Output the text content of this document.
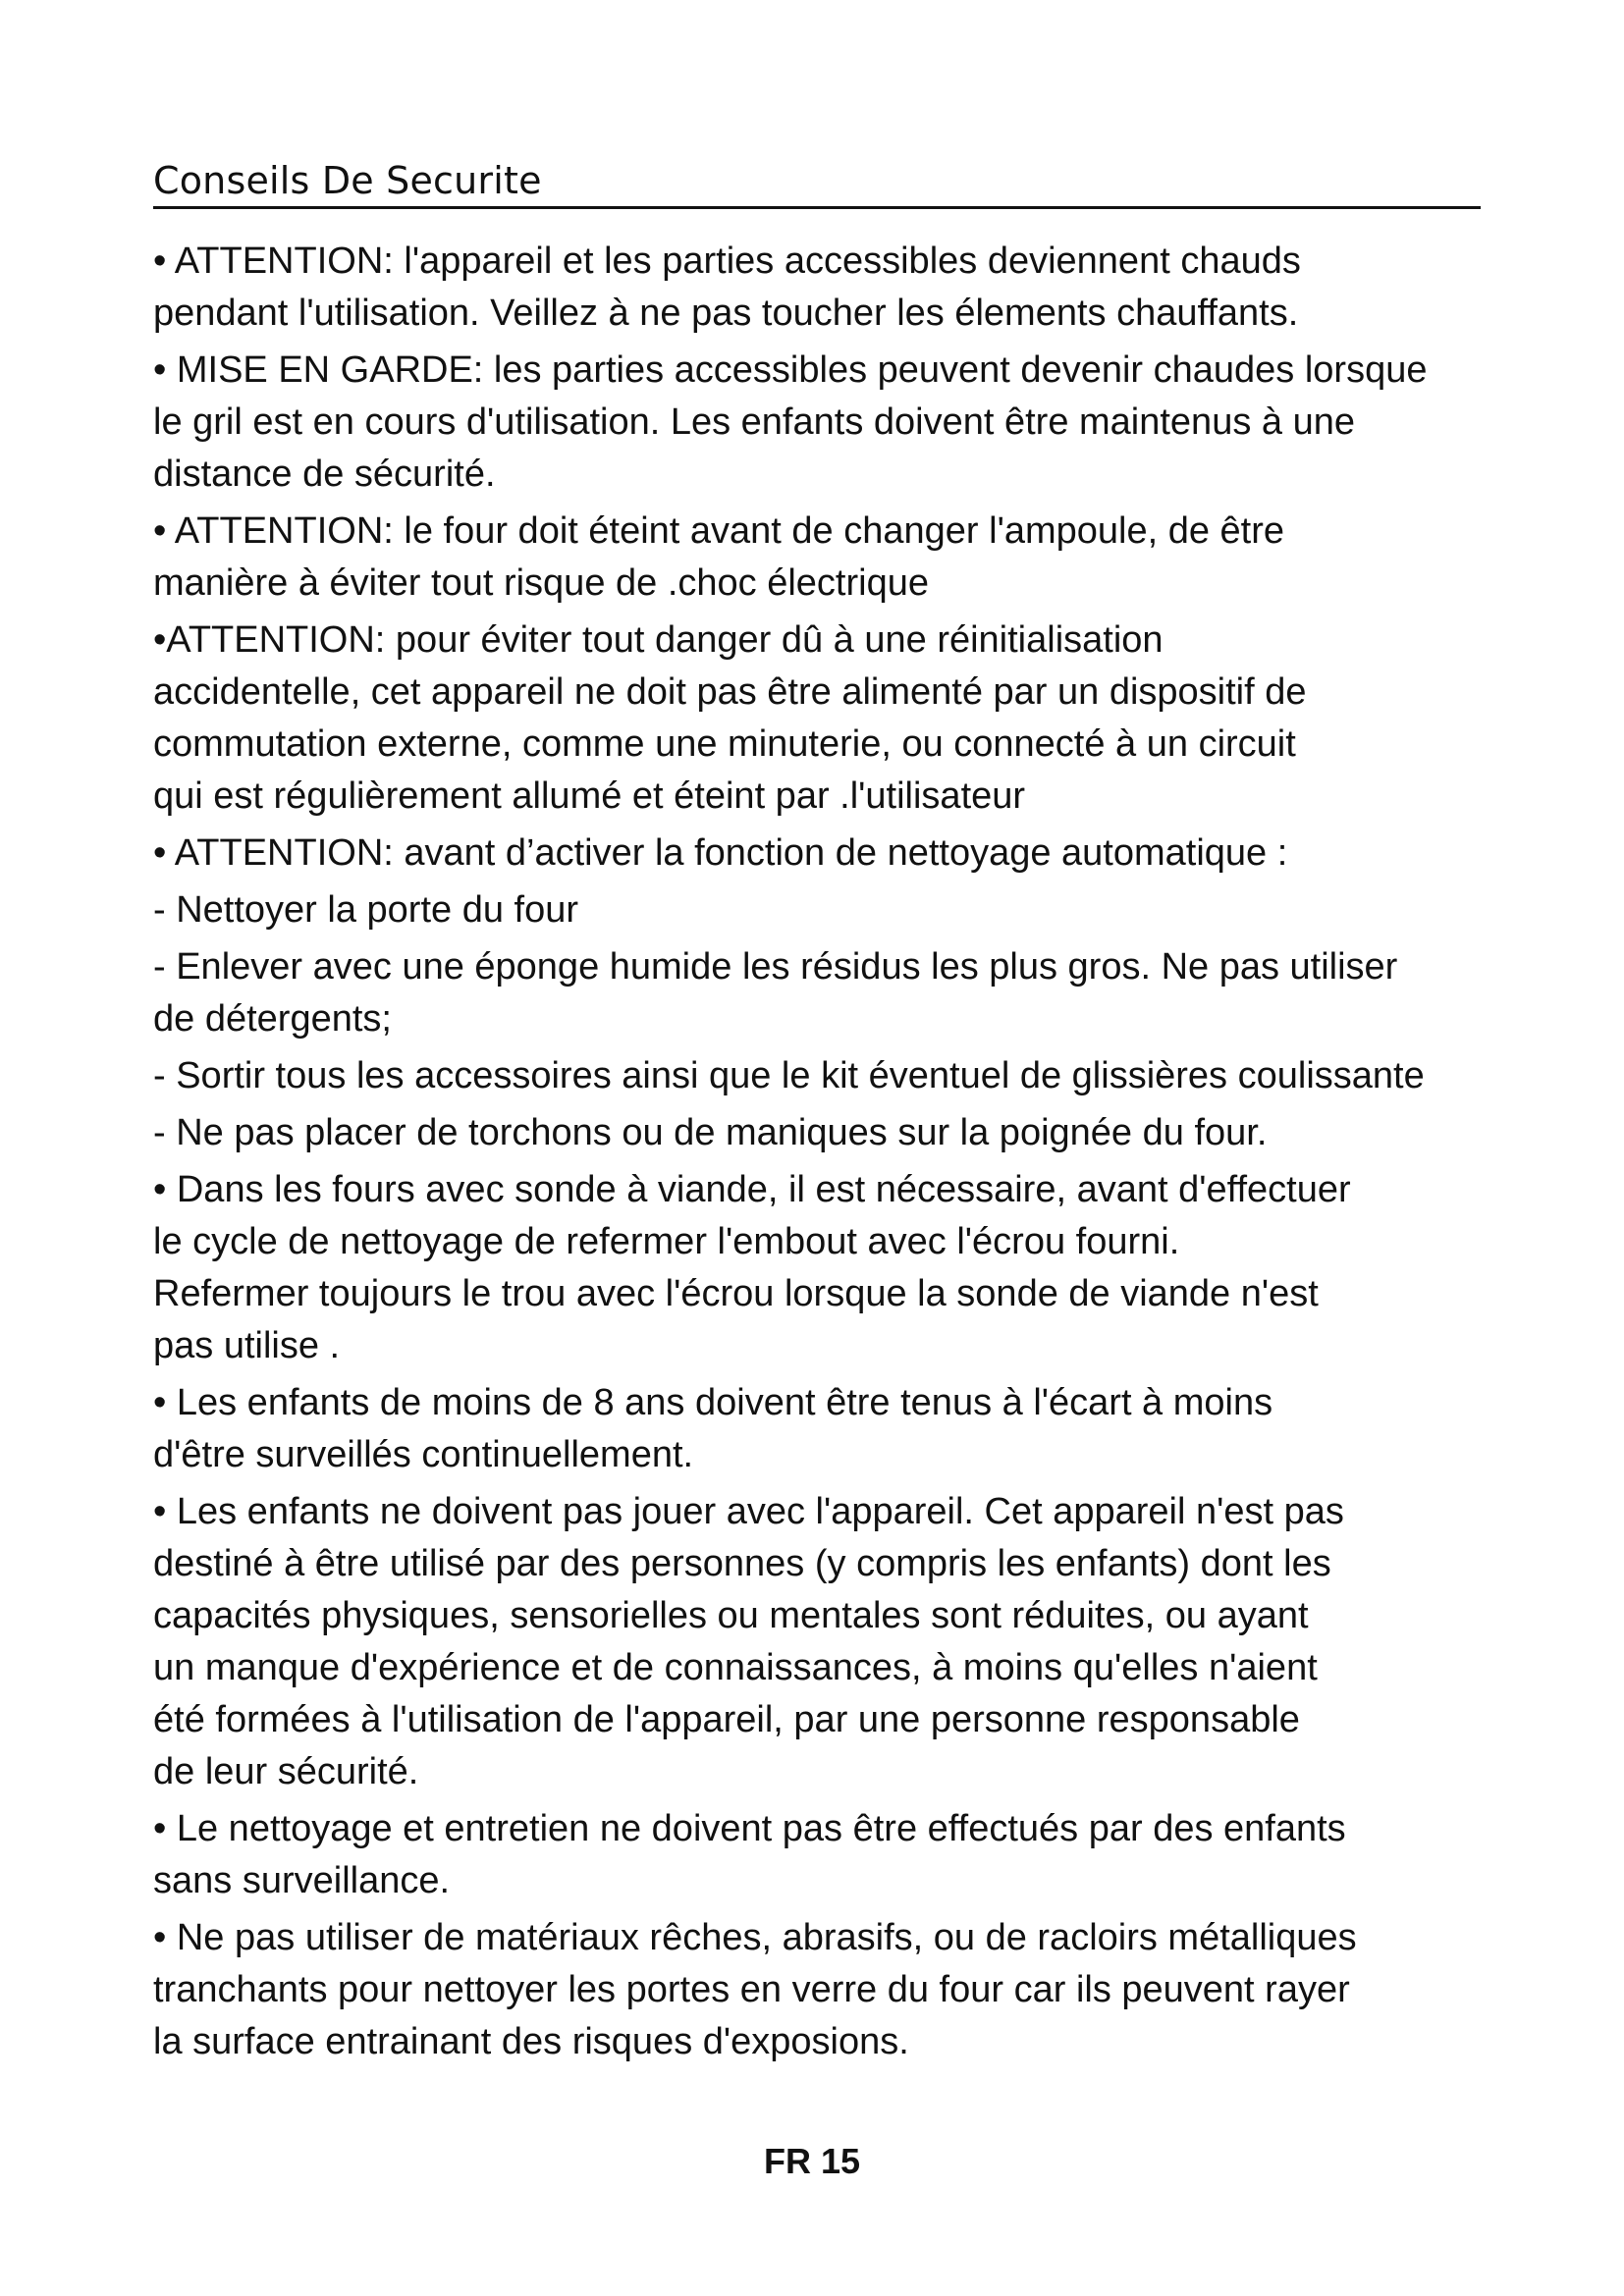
Conseils De Securite
• ATTENTION: l'appareil et les parties accessibles deviennent chauds
pendant l'utilisation. Veillez à ne pas toucher les élements chauffants.
• MISE EN GARDE: les parties accessibles peuvent devenir chaudes lorsque
le gril est en cours d'utilisation. Les enfants doivent être maintenus à une
distance de sécurité.
• ATTENTION: le four doit éteint avant de changer l'ampoule, de être
manière à éviter tout risque de .choc électrique
•ATTENTION: pour éviter tout danger dû à une réinitialisation
accidentelle, cet appareil ne doit pas être alimenté par un dispositif de
commutation externe, comme une minuterie, ou connecté à un circuit
qui est régulièrement allumé et éteint par .l'utilisateur
• ATTENTION: avant d’activer la fonction de nettoyage automatique :
- Nettoyer la porte du four
- Enlever avec une éponge humide les résidus les plus gros. Ne pas utiliser
de détergents;
- Sortir tous les accessoires ainsi que le kit éventuel de glissières coulissante
- Ne pas placer de torchons ou de maniques sur la poignée du four.
• Dans les fours avec sonde à viande, il est nécessaire, avant d'effectuer
le cycle de nettoyage de refermer l'embout avec l'écrou fourni.
Refermer toujours le trou avec l'écrou lorsque la sonde de viande n'est
pas utilise .
• Les enfants de moins de 8 ans doivent être tenus à l'écart à moins
d'être surveillés continuellement.
• Les enfants ne doivent pas jouer avec l'appareil. Cet appareil n'est pas
destiné à être utilisé par des personnes (y compris les enfants) dont les
capacités physiques, sensorielles ou mentales sont réduites, ou ayant
un manque d'expérience et de connaissances, à moins qu'elles n'aient
été formées à l'utilisation de l'appareil, par une personne responsable
de leur sécurité.
• Le nettoyage et entretien ne doivent pas être effectués par des enfants
sans surveillance.
• Ne pas utiliser de matériaux rêches, abrasifs, ou de racloirs métalliques
tranchants pour nettoyer les portes en verre du four car ils peuvent rayer
la surface entrainant des risques d'exposions.
FR 15
